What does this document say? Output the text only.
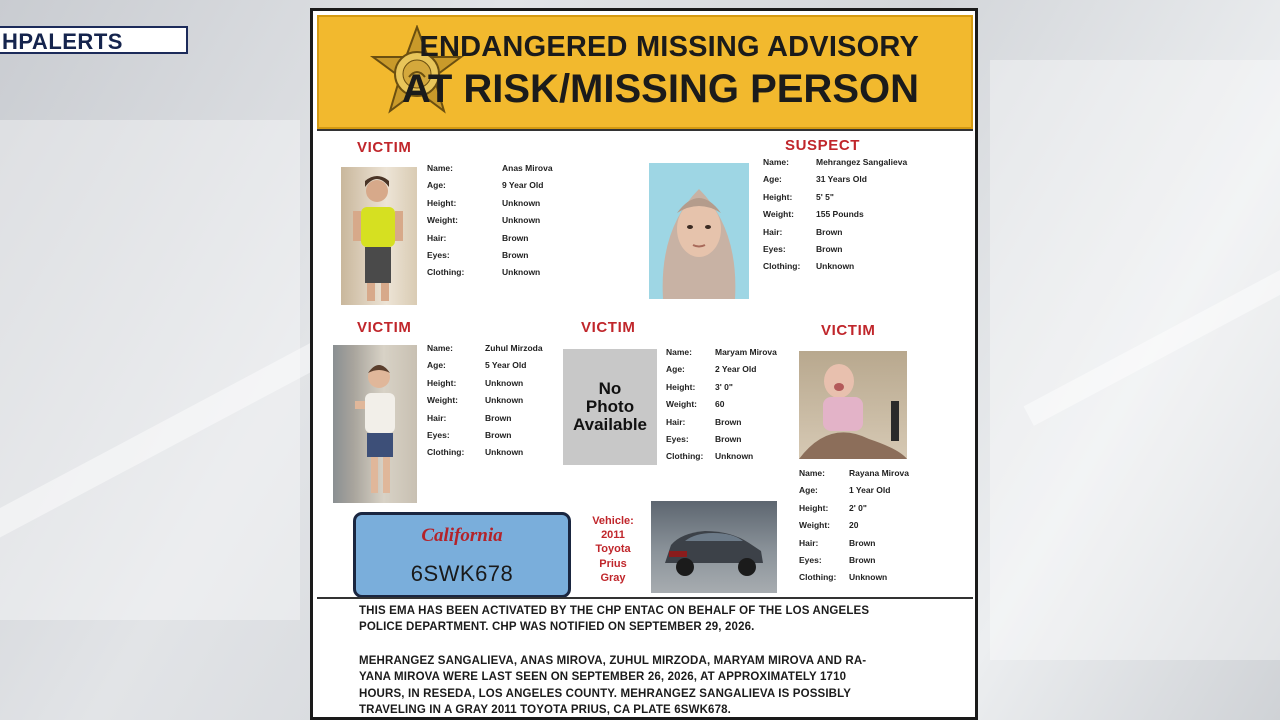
HPALERTS	ENDANGERED MISSING ADVISORY
AT RISK/MISSING PERSON
VICTIM
Name:	Anas Mirova
Age:	9 Year Old
Height:	Unknown
Weight:	Unknown
Hair:	Brown
Eyes:	Brown
Clothing:	Unknown
SUSPECT
Name:	Mehrangez Sangalieva
Age:	31 Years Old
Height:	5' 5"
Weight:	155 Pounds
Hair:	Brown
Eyes:	Brown
Clothing: Unknown
VICTIM
Name:	Zuhul Mirzoda
Age:	5 Year Old
Height:	Unknown
Weight:	Unknown
Hair:	Brown
Eyes:	Brown
Clothing: Unknown
VICTIM
No
Photo
Available
Name:	Maryam Mirova
Age:	2 Year Old
Height: 3' 0"
Weight: 60
Hair:	Brown
Eyes:	Brown
Clothing: Unknown
VICTIM
Name:	Rayana Mirova
Age:	1 Year Old
Height: 2' 0"
Weight: 20
Hair:	Brown
Eyes:	Brown
Clothing: Unknown
California
6SWK678
Vehicle:
2011
Toyota
Prius
Gray
THIS EMA HAS BEEN ACTIVATED BY THE CHP ENTAC ON BEHALF OF THE LOS ANGELES
POLICE DEPARTMENT. CHP WAS NOTIFIED ON SEPTEMBER 29, 2026.
MEHRANGEZ SANGALIEVA, ANAS MIROVA, ZUHUL MIRZODA, MARYAM MIROVA AND RA-
YANA MIROVA WERE LAST SEEN ON SEPTEMBER 26, 2026, AT APPROXIMATELY 1710
HOURS, IN RESEDA, LOS ANGELES COUNTY. MEHRANGEZ SANGALIEVA IS POSSIBLY
TRAVELING IN A GRAY 2011 TOYOTA PRIUS, CA PLATE 6SWK678.
